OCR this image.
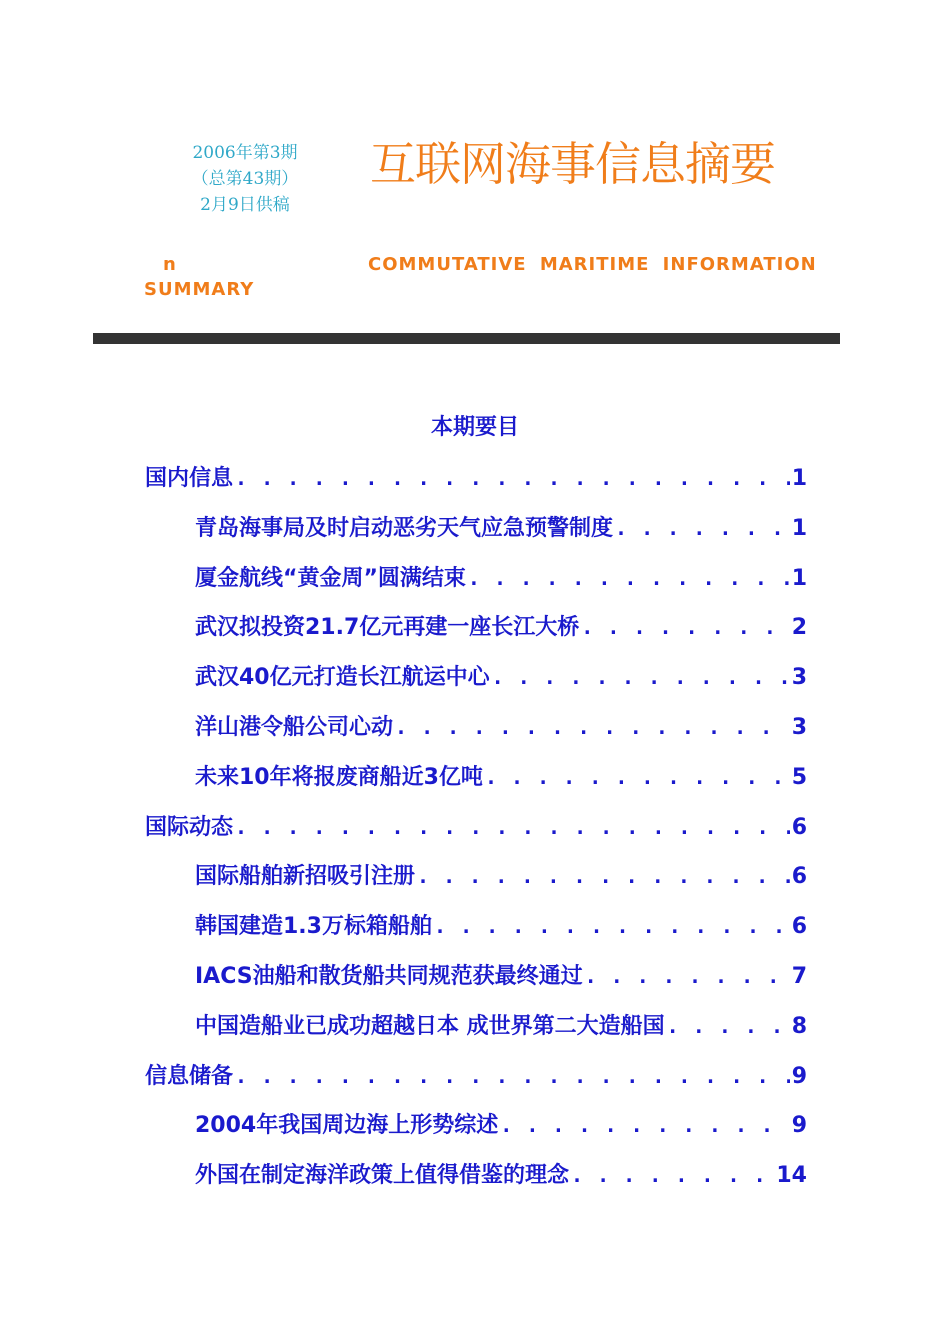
2006年第3期
（总第43期）
2月9日供稿
互联网海事信息摘要
n
SUMMARY
COMMUTATIVE MARITIME INFORMATION
本期要目
国内信息 . . .	1
青岛海事局及时启动恶劣天气应急预警制度 . . .	1
厦金航线“黄金周”圆满结束 . . .	1
武汉拟投资21.7亿元再建一座长江大桥 . . .	2
武汉40亿元打造长江航运中心 . . .	3
洋山港令船公司心动 . . .	3
未来10年将报废商船近3亿吨 . . .	5
国际动态 . . .	6
国际船舶新招吸引注册 . . .	6
韩国建造1.3万标箱船舶 . . .	6
IACS油船和散货船共同规范获最终通过 . . .	7
中国造船业已成功超越日本 成世界第二大造船国 . . .	8
信息储备 . . .	9
2004年我国周边海上形势综述 . . .	9
外国在制定海洋政策上值得借鉴的理念 . . .	14
